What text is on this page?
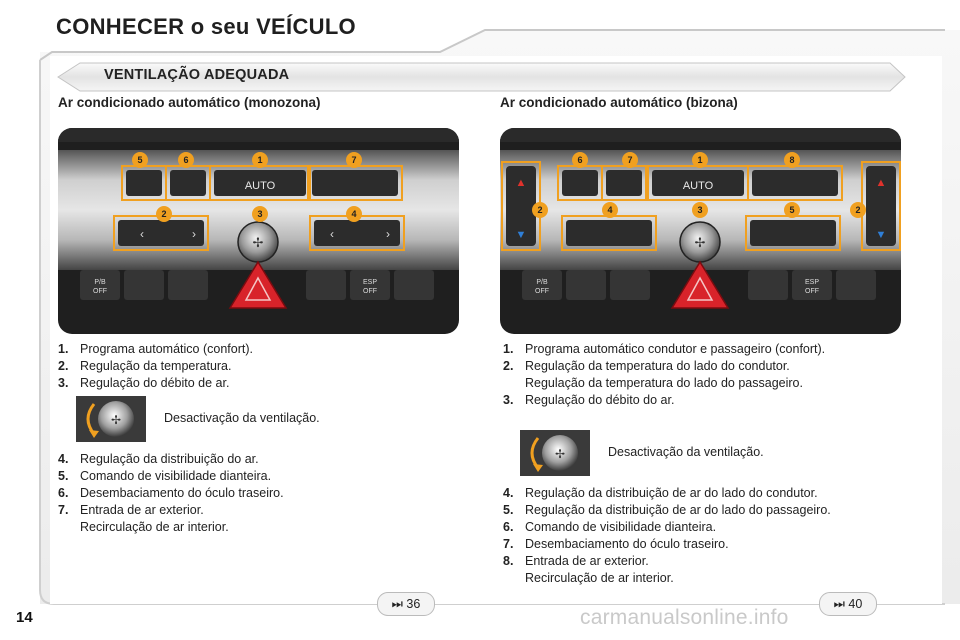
CONHECER o seu VEÍCULO
VENTILAÇÃO ADEQUADA
Ar condicionado automático (monozona)	Ar condicionado automático (bizona)
AUTO
‹	›	‹	›
✢
5	6	1	7
2	3	4
P/B
OFF
ESP
OFF
▲
▼
▲
▼
AUTO
✢
6	7	1	8
2	4	3	5	2
P/B
OFF
ESP
OFF
1. Programa automático (confort).
2. Regulação da temperatura.
3. Regulação do débito de ar.
✢	Desactivação da ventilação.
4. Regulação da distribuição do ar.
5. Comando de visibilidade dianteira.
6. Desembaciamento do óculo traseiro.
7. Entrada de ar exterior.
Recirculação de ar interior.
1. Programa automático condutor e passageiro (confort).
2. Regulação da temperatura do lado do condutor.
Regulação da temperatura do lado do passageiro.
3. Regulação do débito do ar.
✢	Desactivação da ventilação.
4. Regulação da distribuição de ar do lado do condutor.
5. Regulação da distribuição de ar do lado do passageiro.
6. Comando de visibilidade dianteira.
7. Desembaciamento do óculo traseiro.
8. Entrada de ar exterior.
Recirculação de ar interior.
⏭ 36	⏭ 40
14	carmanualsonline.info
